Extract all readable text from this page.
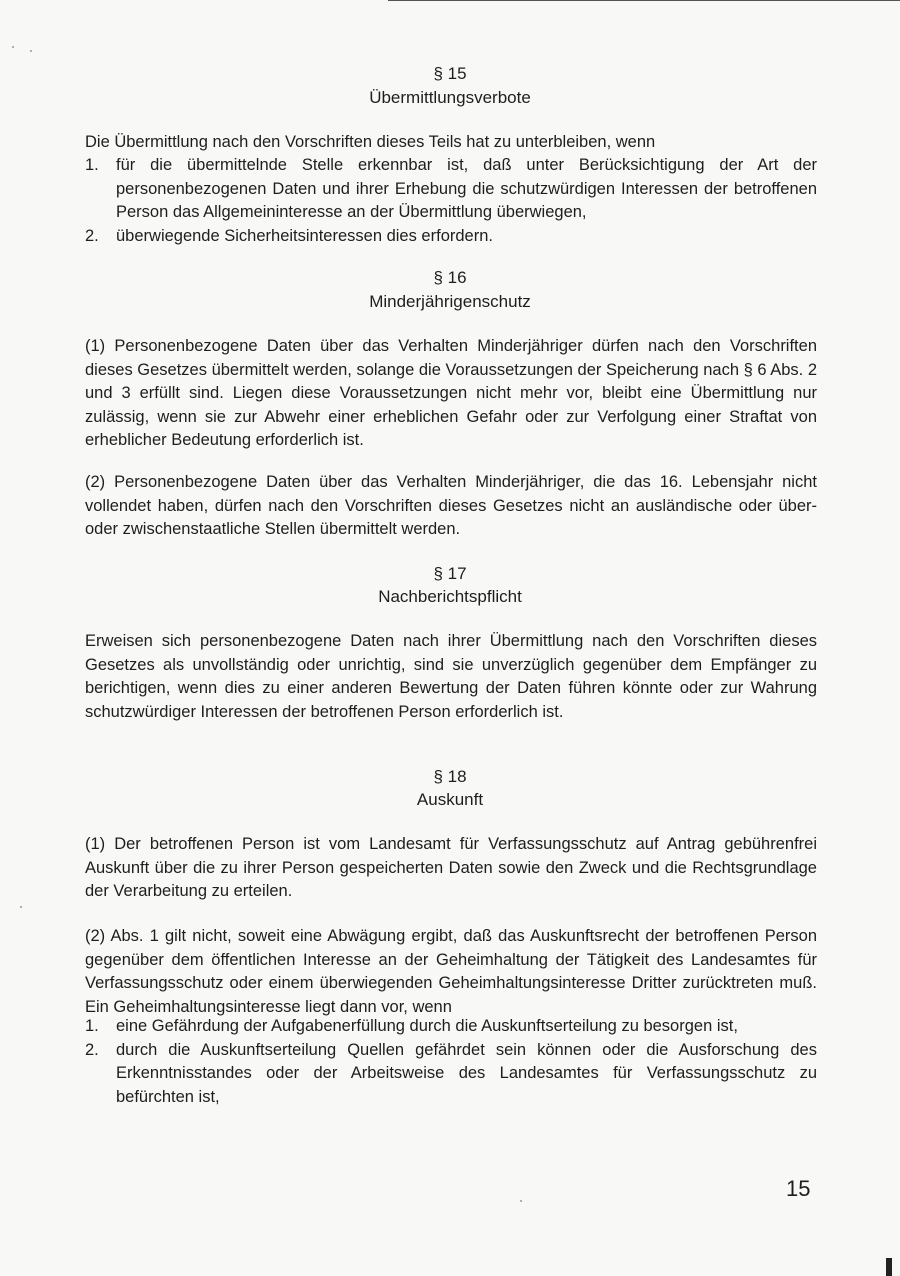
§ 15
Übermittlungsverbote

Die Übermittlung nach den Vorschriften dieses Teils hat zu unterbleiben, wenn

1.	für die übermittelnde Stelle erkennbar ist, daß unter Berücksichtigung der Art der personenbezogenen Daten und ihrer Erhebung die schutzwürdigen Interessen der betroffenen Person das Allgemeininteresse an der Übermittlung überwiegen,
2.	überwiegende Sicherheitsinteressen dies erfordern.
§ 16
Minderjährigenschutz

(1) Personenbezogene Daten über das Verhalten Minderjähriger dürfen nach den Vorschriften dieses Gesetzes übermittelt werden, solange die Voraussetzungen der Speicherung nach § 6 Abs. 2 und 3 erfüllt sind. Liegen diese Voraussetzungen nicht mehr vor, bleibt eine Übermittlung nur zulässig, wenn sie zur Abwehr einer erheblichen Gefahr oder zur Verfolgung einer Straftat von erheblicher Bedeutung erforderlich ist.

(2) Personenbezogene Daten über das Verhalten Minderjähriger, die das 16. Lebensjahr nicht vollendet haben, dürfen nach den Vorschriften dieses Gesetzes nicht an ausländische oder über- oder zwischenstaatliche Stellen übermittelt werden.

§ 17
Nachberichtspflicht

Erweisen sich personenbezogene Daten nach ihrer Übermittlung nach den Vorschriften dieses Gesetzes als unvollständig oder unrichtig, sind sie unverzüglich gegenüber dem Empfänger zu berichtigen, wenn dies zu einer anderen Bewertung der Daten führen könnte oder zur Wahrung schutzwürdiger Interessen der betroffenen Person erforderlich ist.

§ 18
Auskunft

(1) Der betroffenen Person ist vom Landesamt für Verfassungsschutz auf Antrag gebührenfrei Auskunft über die zu ihrer Person gespeicherten Daten sowie den Zweck und die Rechtsgrundlage der Verarbeitung zu erteilen.

(2) Abs. 1 gilt nicht, soweit eine Abwägung ergibt, daß das Auskunftsrecht der betroffenen Person gegenüber dem öffentlichen Interesse an der Geheimhaltung der Tätigkeit des Landesamtes für Verfassungsschutz oder einem überwiegenden Geheimhaltungsinteresse Dritter zurücktreten muß. Ein Geheimhaltungsinteresse liegt dann vor, wenn

1.	eine Gefährdung der Aufgabenerfüllung durch die Auskunftserteilung zu besorgen ist,
2.	durch die Auskunftserteilung Quellen gefährdet sein können oder die Ausforschung des Erkenntnisstandes oder der Arbeitsweise des Landesamtes für Verfassungsschutz zu befürchten ist,
15
